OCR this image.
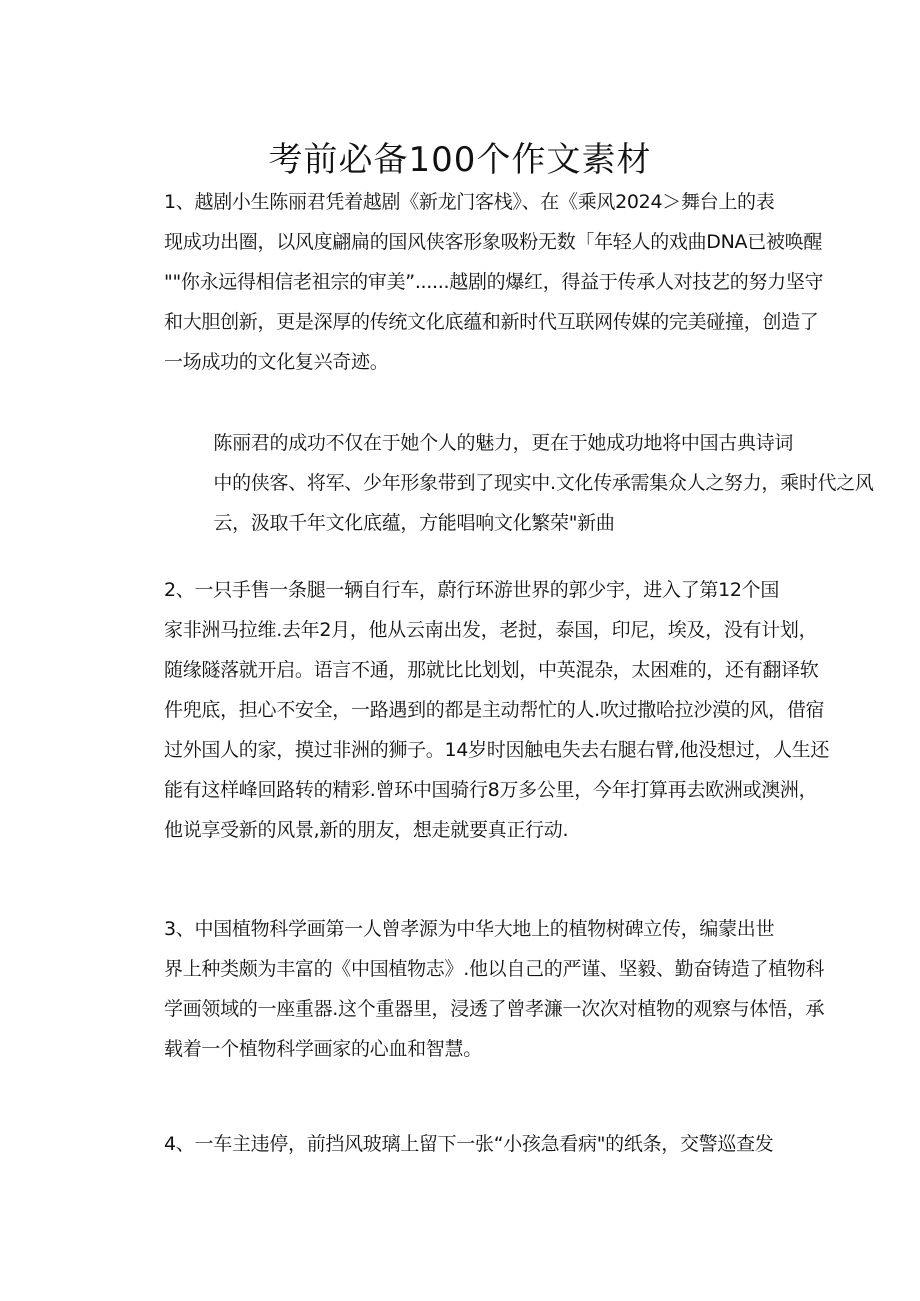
考前必备100个作文素材

1、越剧小生陈丽君凭着越剧《新龙门客栈》、在《乘风2024＞舞台上的表
现成功出圈，以风度翩扁的国风侠客形象吸粉无数「年轻人的戏曲DNA已被唤醒
""你永远得相信老祖宗的审美”......越剧的爆红，得益于传承人对技艺的努力坚守
和大胆创新，更是深厚的传统文化底蕴和新时代互联网传媒的完美碰撞，创造了
一场成功的文化复兴奇迹。

陈丽君的成功不仅在于她个人的魅力，更在于她成功地将中国古典诗词
中的侠客、将军、少年形象带到了现实中.文化传承需集众人之努力，乘时代之风
云，汲取千年文化底蕴，方能唱响文化繁荣"新曲

2、一只手售一条腿一辆自行车，蔚行环游世界的郭少宇，进入了第12个国
家非洲马拉维.去年2月，他从云南出发，老挝，泰国，印尼，埃及，没有计划，
随缘隧落就开启。语言不通，那就比比划划，中英混杂，太困难的，还有翻译软
件兜底，担心不安全，一路遇到的都是主动帮忙的人.吹过撒哈拉沙漠的风，借宿
过外国人的家，摸过非洲的狮子。14岁时因触电失去右腿右臂,他没想过，人生还
能有这样峰回路转的精彩.曾环中国骑行8万多公里，今年打算再去欧洲或澳洲，
他说享受新的风景,新的朋友，想走就要真正行动.

3、中国植物科学画第一人曾孝源为中华大地上的植物树碑立传，编蒙出世
界上种类颇为丰富的《中国植物志》.他以自己的严谨、坚毅、勤奋铸造了植物科
学画领域的一座重器.这个重器里，浸透了曾孝濂一次次对植物的观察与体悟，承
载着一个植物科学画家的心血和智慧。

4、一车主违停，前挡风玻璃上留下一张“小孩急看病"的纸条，交警巡查发
